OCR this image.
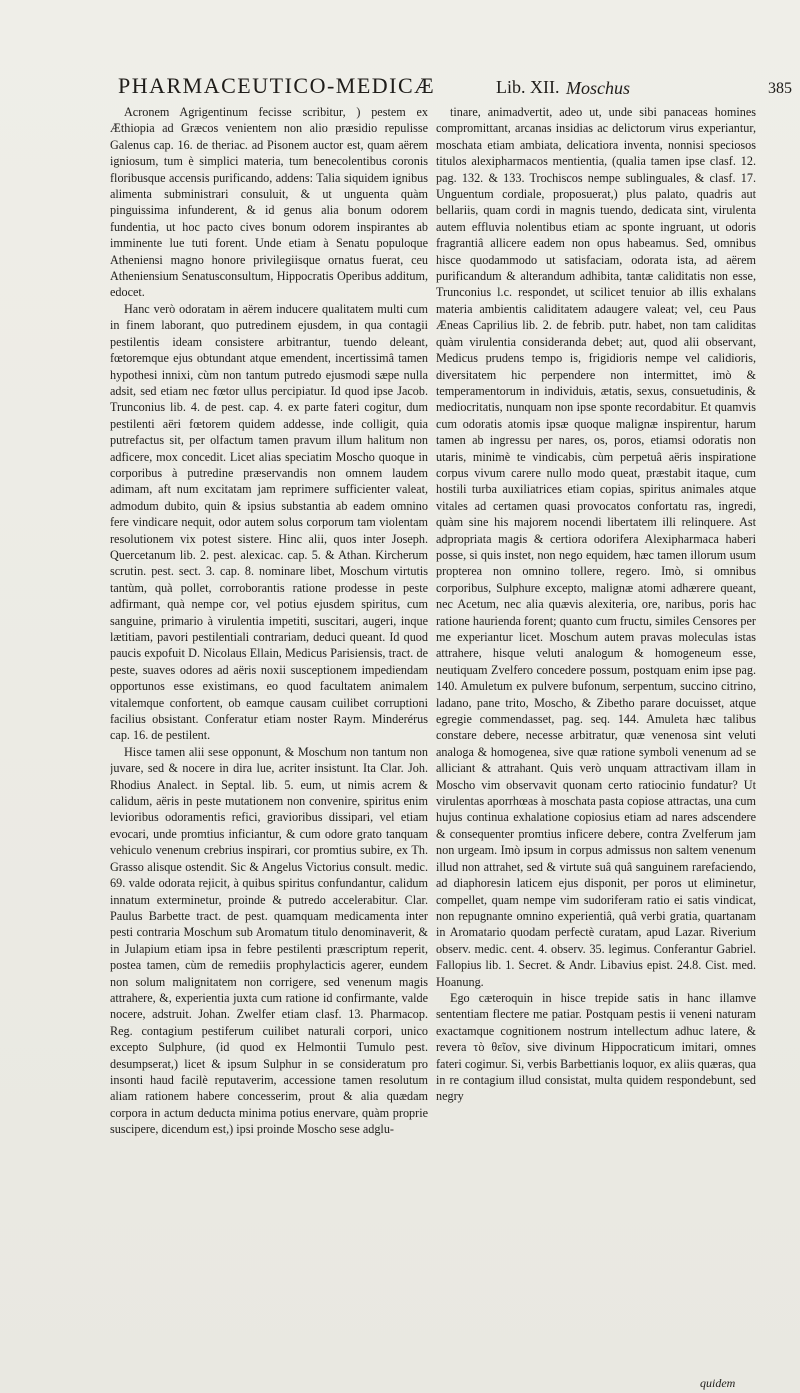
PHARMACEUTICO-MEDICÆ	Lib. XII. Moschus	385

Acronem Agrigentinum fecisse scribitur, ) pestem ex Æthiopia ad Græcos venientem non alio præsidio repulisse Galenus cap. 16. de theriac. ad Pisonem auctor est, quam aërem igniosum, tum è simplici materia, tum benecolentibus coronis floribusque accensis purificando, addens: Talia siquidem ignibus alimenta subministrari consuluit, & ut unguenta quàm pinguissima infunderent, & id genus alia bonum odorem fundentia, ut hoc pacto cives bonum odorem inspirantes ab imminente lue tuti forent. Unde etiam à Senatu populoque Atheniensi magno honore privilegiisque ornatus fuerat, ceu Atheniensium Senatusconsultum, Hippocratis Operibus additum, edocet.

Hanc verò odoratam in aërem inducere qualitatem multi cum in finem laborant, quo putredinem ejusdem, in qua contagii pestilentis ideam consistere arbitrantur, tuendo deleant, fœtoremque ejus obtundant atque emendent, incertissimâ tamen hypothesi innixi, cùm non tantum putredo ejusmodi sæpe nulla adsit, sed etiam nec fœtor ullus percipiatur. Id quod ipse Jacob. Trunconius lib. 4. de pest. cap. 4. ex parte fateri cogitur, dum pestilenti aëri fœtorem quidem addesse, inde colligit, quia putrefactus sit, per olfactum tamen pravum illum halitum non adficere, mox concedit. Licet alias speciatim Moscho quoque in corporibus à putredine præservandis non omnem laudem adimam, aft num excitatam jam reprimere sufficienter valeat, admodum dubito, quin & ipsius substantia ab eadem omnino fere vindicare nequit, odor autem solus corporum tam violentam resolutionem vix potest sistere. Hinc alii, quos inter Joseph. Quercetanum lib. 2. pest. alexicac. cap. 5. & Athan. Kircherum scrutin. pest. sect. 3. cap. 8. nominare libet, Moschum virtutis tantùm, quà pollet, corroborantis ratione prodesse in peste adfirmant, quà nempe cor, vel potius ejusdem spiritus, cum sanguine, primario à virulentia impetiti, suscitari, augeri, inque lætitiam, pavori pestilentiali contrariam, deduci queant. Id quod paucis expofuit D. Nicolaus Ellain, Medicus Parisiensis, tract. de peste, suaves odores ad aëris noxii susceptionem impediendam opportunos esse existimans, eo quod facultatem animalem vitalemque confortent, ob eamque causam cuilibet corruptioni facilius obsistant. Conferatur etiam noster Raym. Minderérus cap. 16. de pestilent.

Hisce tamen alii sese opponunt, & Moschum non tantum non juvare, sed & nocere in dira lue, acriter insistunt. Ita Clar. Joh. Rhodius Analect. in Septal. lib. 5. eum, ut nimis acrem & calidum, aëris in peste mutationem non convenire, spiritus enim levioribus odoramentis refici, gravioribus dissipari, vel etiam evocari, unde promtius inficiantur, & cum odore grato tanquam vehiculo venenum crebrius inspirari, cor promtius subire, ex Th. Grasso alisque ostendit. Sic & Angelus Victorius consult. medic. 69. valde odorata rejicit, à quibus spiritus confundantur, calidum innatum exterminetur, proinde & putredo accelerabitur. Clar. Paulus Barbette tract. de pest. quamquam medicamenta inter pesti contraria Moschum sub Aromatum titulo denominaverit, & in Julapium etiam ipsa in febre pestilenti præscriptum reperit, postea tamen, cùm de remediis prophylacticis agerer, eundem non solum malignitatem non corrigere, sed venenum magis attrahere, &, experientia juxta cum ratione id confirmante, valde nocere, adstruit. Johan. Zwelfer etiam clasf. 13. Pharmacop. Reg. contagium pestiferum cuilibet naturali corpori, unico excepto Sulphure, (id quod ex Helmontii Tumulo pest. desumpserat,) licet & ipsum Sulphur in se consideratum pro insonti haud facilè reputaverim, accessione tamen resolutum aliam rationem habere concesserim, prout & alia quædam corpora in actum deducta minima potius enervare, quàm proprie suscipere, dicendum est,) ipsi proinde Moscho sese adglu-

tinare, animadvertit, adeo ut, unde sibi panaceas homines compromittant, arcanas insidias ac delictorum virus experiantur, moschata etiam ambiata, delicatiora inventa, nonnisi speciosos titulos alexipharmacos mentientia, (qualia tamen ipse clasf. 12. pag. 132. & 133. Trochiscos nempe sublinguales, & clasf. 17. Unguentum cordiale, proposuerat,) plus palato, quadris aut bellariis, quam cordi in magnis tuendo, dedicata sint, virulenta autem effluvia nolentibus etiam ac sponte ingruant, ut odoris fragrantiâ allicere eadem non opus habeamus. Sed, omnibus hisce quodammodo ut satisfaciam, odorata ista, ad aërem purificandum & alterandum adhibita, tantæ caliditatis non esse, Trunconius l.c. respondet, ut scilicet tenuior ab illis exhalans materia ambientis caliditatem adaugere valeat; vel, ceu Paus Æneas Caprilius lib. 2. de febrib. putr. habet, non tam caliditas quàm virulentia consideranda debet; aut, quod alii observant, Medicus prudens tempo is, frigidioris nempe vel calidioris, diversitatem hic perpendere non intermittet, imò & temperamentorum in individuis, ætatis, sexus, consuetudinis, & mediocritatis, nunquam non ipse sponte recordabitur. Et quamvis cum odoratis atomis ipsæ quoque malignæ inspirentur, harum tamen ab ingressu per nares, os, poros, etiamsi odoratis non utaris, minimè te vindicabis, cùm perpetuâ aëris inspiratione corpus vivum carere nullo modo queat, præstabit itaque, cum hostili turba auxiliatrices etiam copias, spiritus animales atque vitales ad certamen quasi provocatos confortatu ras, ingredi, quàm sine his majorem nocendi libertatem illi relinquere. Ast adpropriata magis & certiora odorifera Alexipharmaca haberi posse, si quis instet, non nego equidem, hæc tamen illorum usum propterea non omnino tollere, regero. Imò, si omnibus corporibus, Sulphure excepto, malignæ atomi adhærere queant, nec Acetum, nec alia quævis alexiteria, ore, naribus, poris hac ratione haurienda forent; quanto cum fructu, similes Censores per me experiantur licet. Moschum autem pravas moleculas istas attrahere, hisque veluti analogum & homogeneum esse, neutiquam Zvelfero concedere possum, postquam enim ipse pag. 140. Amuletum ex pulvere bufonum, serpentum, succino citrino, ladano, pane trito, Moscho, & Zibetho parare docuisset, atque egregie commendasset, pag. seq. 144. Amuleta hæc talibus constare debere, necesse arbitratur, quæ venenosa sint veluti analoga & homogenea, sive quæ ratione symboli venenum ad se alliciant & attrahant. Quis verò unquam attractivam illam in Moscho vim observavit quonam certo ratiocinio fundatur? Ut virulentas aporrhœas à moschata pasta copiose attractas, una cum hujus continua exhalatione copiosius etiam ad nares adscendere & consequenter promtius inficere debere, contra Zvelferum jam non urgeam. Imò ipsum in corpus admissus non saltem venenum illud non attrahet, sed & virtute suâ quâ sanguinem rarefaciendo, ad diaphoresin laticem ejus disponit, per poros ut eliminetur, compellet, quam nempe vim sudoriferam ratio ei satis vindicat, non repugnante omnino experientiâ, quâ verbi gratia, quartanam in Aromatario quodam perfectè curatam, apud Lazar. Riverium observ. medic. cent. 4. observ. 35. legimus. Conferantur Gabriel. Fallopius lib. 1. Secret. & Andr. Libavius epist. 24.8. Cist. med. Hoanung.

Ego cæteroquin in hisce trepide satis in hanc illamve sententiam flectere me patiar. Postquam pestis ii veneni naturam exactamque cognitionem nostrum intellectum adhuc latere, & revera τὸ θεῖον, sive divinum Hippocraticum imitari, omnes fateri cogimur. Si, verbis Barbettianis loquor, ex aliis quæras, qua in re contagium illud consistat, multa quidem respondebunt, sed negry

quidem
